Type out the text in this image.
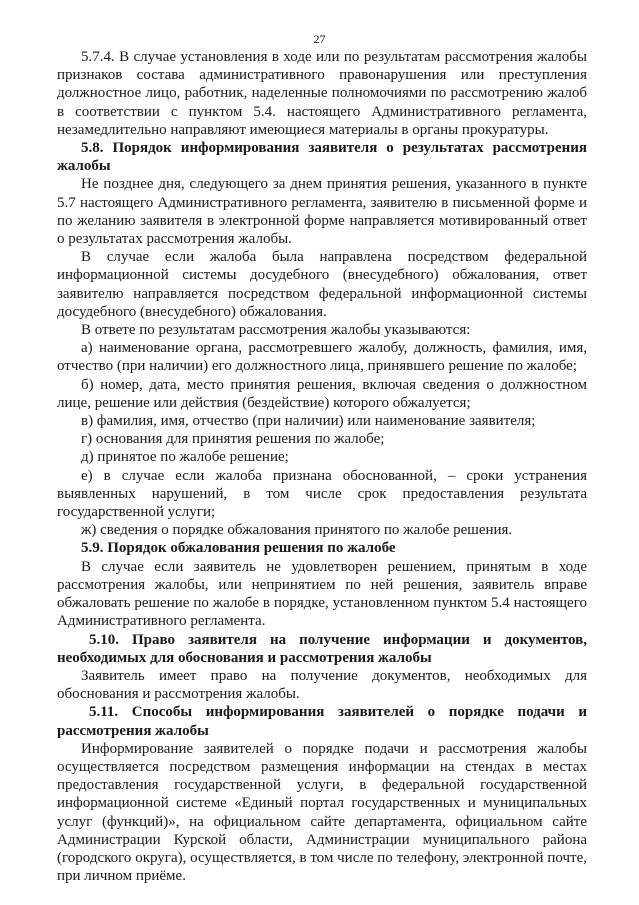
27

5.7.4. В случае установления в ходе или по результатам рассмотрения жалобы признаков состава административного правонарушения или преступления должностное лицо, работник, наделенные полномочиями по рассмотрению жалоб в соответствии с пунктом 5.4. настоящего Административного регламента, незамедлительно направляют имеющиеся материалы в органы прокуратуры.

5.8. Порядок информирования заявителя о результатах рассмотрения жалобы

Не позднее дня, следующего за днем принятия решения, указанного в пункте 5.7 настоящего Административного регламента, заявителю в письменной форме и по желанию заявителя в электронной форме направляется мотивированный ответ о результатах рассмотрения жалобы.

В случае если жалоба была направлена посредством федеральной информационной системы досудебного (внесудебного) обжалования, ответ заявителю направляется посредством федеральной информационной системы досудебного (внесудебного) обжалования.

В ответе по результатам рассмотрения жалобы указываются:

а) наименование органа, рассмотревшего жалобу, должность, фамилия, имя, отчество (при наличии) его должностного лица, принявшего решение по жалобе;

б) номер, дата, место принятия решения, включая сведения о должностном лице, решение или действия (бездействие) которого обжалуется;

в) фамилия, имя, отчество (при наличии) или наименование заявителя;

г) основания для принятия решения по жалобе;

д) принятое по жалобе решение;

е) в случае если жалоба признана обоснованной, – сроки устранения выявленных нарушений, в том числе срок предоставления результата государственной услуги;

ж) сведения о порядке обжалования принятого по жалобе решения.

5.9. Порядок обжалования решения по жалобе

В случае если заявитель не удовлетворен решением, принятым в ходе рассмотрения жалобы, или непринятием по ней решения, заявитель вправе обжаловать решение по жалобе в порядке, установленном пунктом 5.4 настоящего Административного регламента.

5.10. Право заявителя на получение информации и документов, необходимых для обоснования и рассмотрения жалобы

Заявитель имеет право на получение документов, необходимых для обоснования и рассмотрения жалобы.

5.11. Способы информирования заявителей о порядке подачи и рассмотрения жалобы

Информирование заявителей о порядке подачи и рассмотрения жалобы осуществляется посредством размещения информации на стендах в местах предоставления государственной услуги, в федеральной государственной информационной системе «Единый портал государственных и муниципальных услуг (функций)», на официальном сайте департамента, официальном сайте Администрации Курской области, Администрации муниципального района (городского округа), осуществляется, в том числе по телефону, электронной почте, при личном приёме.
